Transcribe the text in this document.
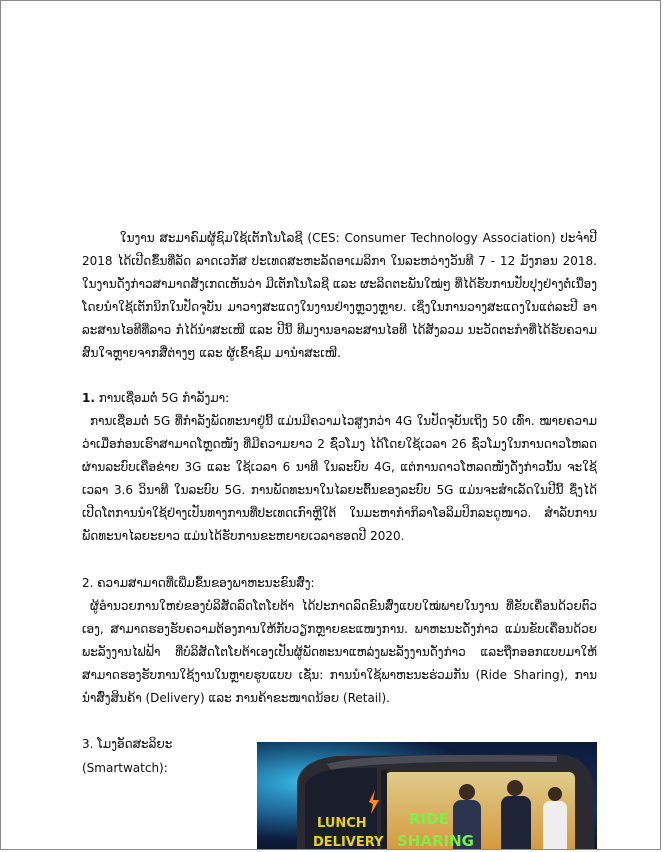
ໃນງານ ສະມາຄົມຜູ້ຊົມໃຊ້ເຕັກໂນໂລຊີ (CES: Consumer Technology Association) ປະຈຳປີ 2018 ໄດ້ເປີດຂຶ້ນທີ່ລັດ ລາດເວກັສ ປະເທດສະຫະລັດອາເມລິກາ ໃນລະຫວ່າງວັນທີ 7 - 12 ມັງກອນ 2018. ໃນງານດັ່ງກ່າວສາມາດສັງເກດເຫັນວ່າ ມີເຕັກໂນໂລຊີ ແລະ ຜະລິດຕະພັນໃໝ່ໆ ທີ່ໄດ້ຮັບການປັບປຸງຢ່າງຕໍ່ເນື່ອງໂດຍນຳໃຊ້ເຕັກນິກໃນປັດຈຸບັນ ມາວາງສະແດງໃນງານຢ່າງຫຼວງຫຼາຍ. ເຊິ່ງໃນການວາງສະແດງໃນແຕ່ລະປີ ອາລະສານໄອທີທີ່ລາວ ກໍໄດ້ນຳສະເໜີ ແລະ ປີນີ້ ທີມງານອາລະສານໄອທີ ໄດ້ສັງລວມ ນະວັດຕະກຳທີ່ໄດ້ຮັບຄວາມສົນໃຈຫຼາຍຈາກສື່ຕ່າງໆ ແລະ ຜູ້ເຂົ້າຊົມ ມານຳສະເໜີ.

1. ການເຊື່ອມຕໍ່ 5G ກຳລັງມາ:

ການເຊື່ອມຕໍ່ 5G ທີ່ກຳລັງພັດທະນາຢູ່ນີ້ ແມ່ນມີຄວາມໄວສູງກວ່າ 4G ໃນປັດຈຸບັນເຖິງ 50 ເທົ່າ. ໝາຍຄວາມວ່າເມື່ອກ່ອນເຮົາສາມາດໂຫຼດໜັງ ທີ່ມີຄວາມຍາວ 2 ຊົ່ວໂມງ ໄດ້ໂດຍໃຊ້ເວລາ 26 ຊົ່ວໂມງໃນການດາວໂຫລດຜ່ານລະບົບເຄືອຂ່າຍ 3G ແລະ ໃຊ້ເວລາ 6 ນາທີ ໃນລະບົບ 4G, ແຕ່ການດາວໂຫລດໜັງດັ່ງກ່າວນັ້ນ ຈະໃຊ້ເວລາ 3.6 ວິນາທີ ໃນລະບົບ 5G. ການພັດທະນາໃນໄລຍະຕົ້ນຂອງລະບົບ 5G ແມ່ນຈະສຳເລັດໃນປີນີ້ ຊຶ່ງໄດ້ເປີດໂຕການນຳໃຊ້ຢ່າງເປັນທາງການທີ່ປະເທດເກົາຫຼີໃຕ້ ໃນມະຫາກຳກິລາໂອລິມປິກລະດູໜາວ. ສຳລັບການພັດທະນາໄລຍະຍາວ ແມ່ນໄດ້ຮັບການຂະຫຍາຍເວລາຮອດປີ 2020.

2. ຄວາມສາມາດທີ່ເພີ່ມຂຶ້ນຂອງພາຫະນະຂົນສົ່ງ:

ຜູ້ອຳນວຍການໃຫຍ່ຂອງບໍລິສັດລົດໂຕໂຍຕ້າ ໄດ້ປະກາດລົດຂົນສົ່ງແບບໃໝ່ພາຍໃນງານ ທີ່ຂັບເຄື່ອນດ້ວຍຕົວເອງ, ສາມາດຮອງຮັບຄວາມຕ້ອງການໃຫ້ກັບວຽກຫຼາຍຂະແໜງການ. ພາຫະນະດັ່ງກ່າວ ແມ່ນຂັບເຄື່ອນດ້ວຍພະລັງງານໄຟຟ້າ ທີ່ບໍລິສັດໂຕໂຍຕ້າເອງເປັນຜູ້ພັດທະນາແຫລ່ງພະລັງງານດັ່ງກ່າວ ແລະຖືກອອກແບບມາໃຫ້ສາມາດຮອງຮັບການໃຊ້ງານໃນຫຼາຍຮູບແບບ ເຊັ່ນ: ການນຳໃຊ້ພາຫະນະຮ່ວມກັນ (Ride Sharing), ການນຳສົ່ງສິນຄ້າ (Delivery) ແລະ ການຄ້າຂະໜາດນ້ອຍ (Retail).

3. ໂມງອັດສະລິຍະ
(Smartwatch):

LUNCH
DELIVERY
RIDE
SHARING
